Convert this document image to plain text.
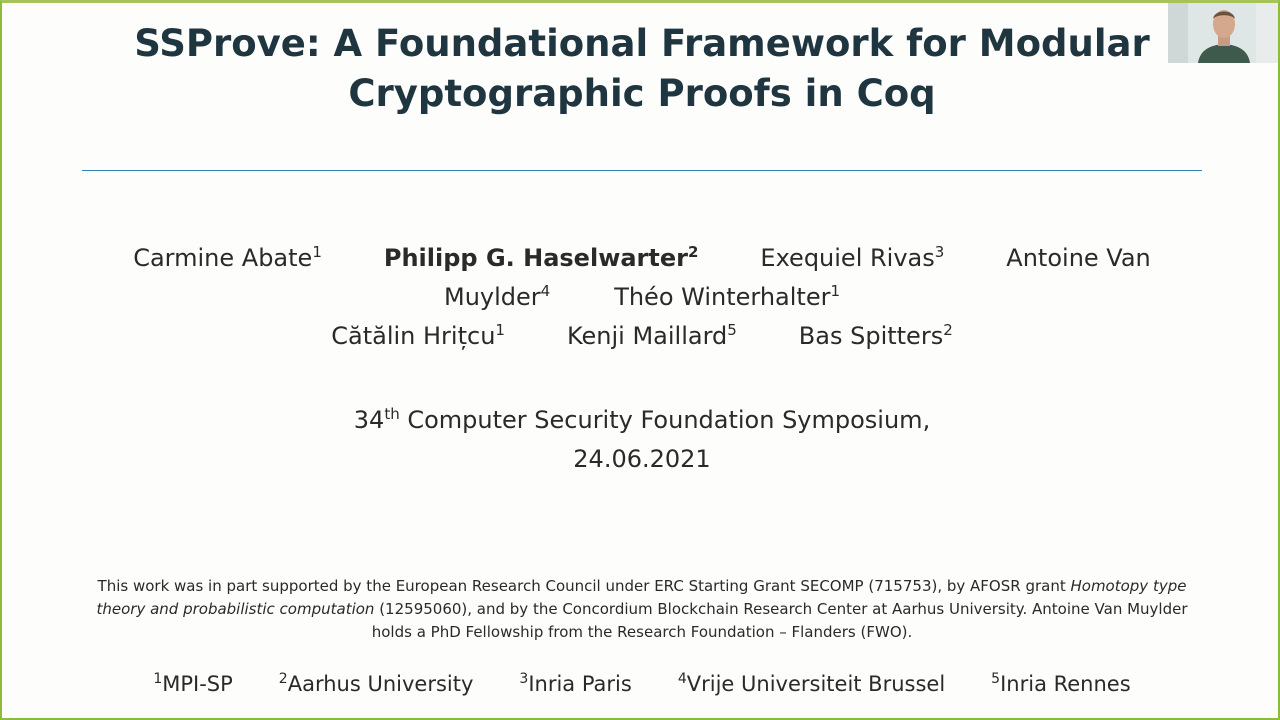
SSProve: A Foundational Framework for Modular
Cryptographic Proofs in Coq
Carmine Abate$^1$	Philipp G. Haselwarter$^2$	Exequiel Rivas$^3$	Antoine Van
Muylder$^4$	Théo Winterhalter$^1$
Cătălin Hrițcu$^1$	Kenji Maillard$^5$	Bas Spitters$^2$
34th Computer Security Foundation Symposium,
24.06.2021
This work was in part supported by the European Research Council under ERC Starting Grant SECOMP (715753), by AFOSR grant Homotopy type theory and probabilistic computation (12595060), and by the Concordium Blockchain Research Center at Aarhus University. Antoine Van Muylder holds a PhD Fellowship from the Research Foundation – Flanders (FWO).
$^1$MPI-SP	$^2$Aarhus University	$^3$Inria Paris	$^4$Vrije Universiteit Brussel	$^5$Inria Rennes
